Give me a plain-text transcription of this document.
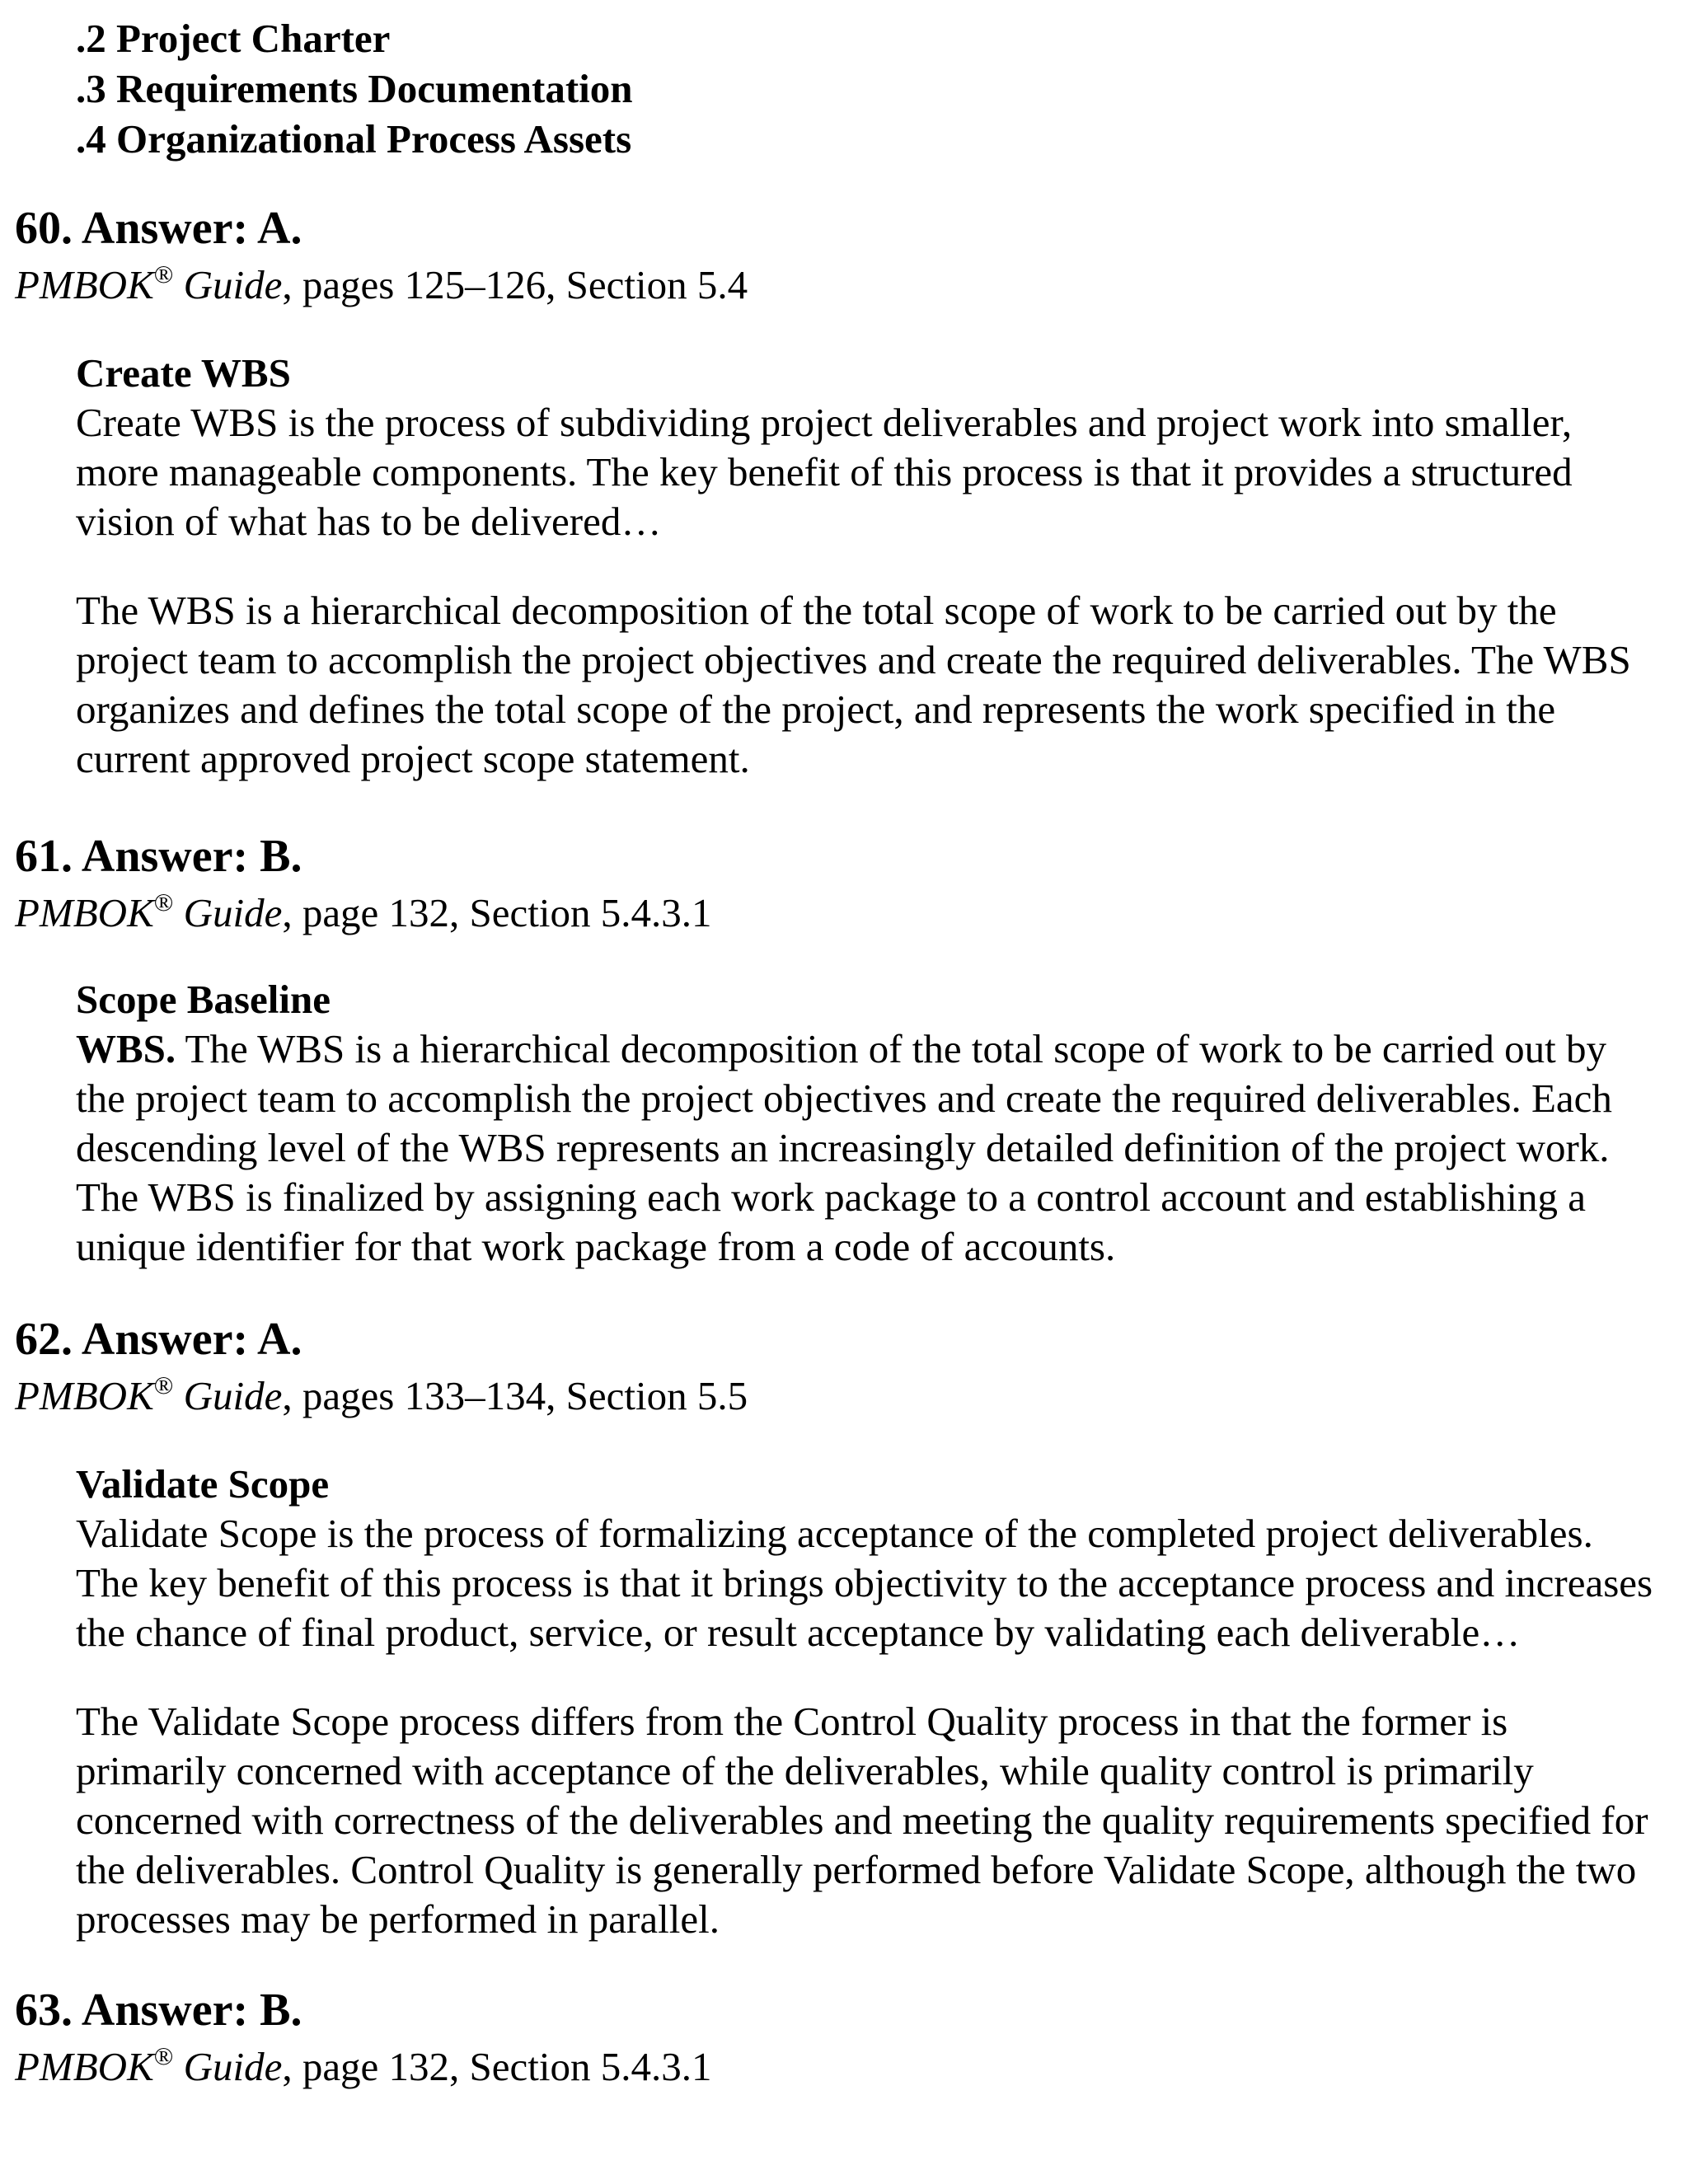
.2 Project Charter
.3 Requirements Documentation
.4 Organizational Process Assets
60. Answer: A.
PMBOK® Guide, pages 125–126, Section 5.4
Create WBS

Create WBS is the process of subdividing project deliverables and project work into smaller,
more manageable components. The key benefit of this process is that it provides a structured
vision of what has to be delivered…

The WBS is a hierarchical decomposition of the total scope of work to be carried out by the
project team to accomplish the project objectives and create the required deliverables. The WBS
organizes and defines the total scope of the project, and represents the work specified in the
current approved project scope statement.

61. Answer: B.
PMBOK® Guide, page 132, Section 5.4.3.1
Scope Baseline

WBS. The WBS is a hierarchical decomposition of the total scope of work to be carried out by
the project team to accomplish the project objectives and create the required deliverables. Each
descending level of the WBS represents an increasingly detailed definition of the project work.
The WBS is finalized by assigning each work package to a control account and establishing a
unique identifier for that work package from a code of accounts.

62. Answer: A.
PMBOK® Guide, pages 133–134, Section 5.5
Validate Scope

Validate Scope is the process of formalizing acceptance of the completed project deliverables.
The key benefit of this process is that it brings objectivity to the acceptance process and increases
the chance of final product, service, or result acceptance by validating each deliverable…

The Validate Scope process differs from the Control Quality process in that the former is
primarily concerned with acceptance of the deliverables, while quality control is primarily
concerned with correctness of the deliverables and meeting the quality requirements specified for
the deliverables. Control Quality is generally performed before Validate Scope, although the two
processes may be performed in parallel.

63. Answer: B.
PMBOK® Guide, page 132, Section 5.4.3.1
